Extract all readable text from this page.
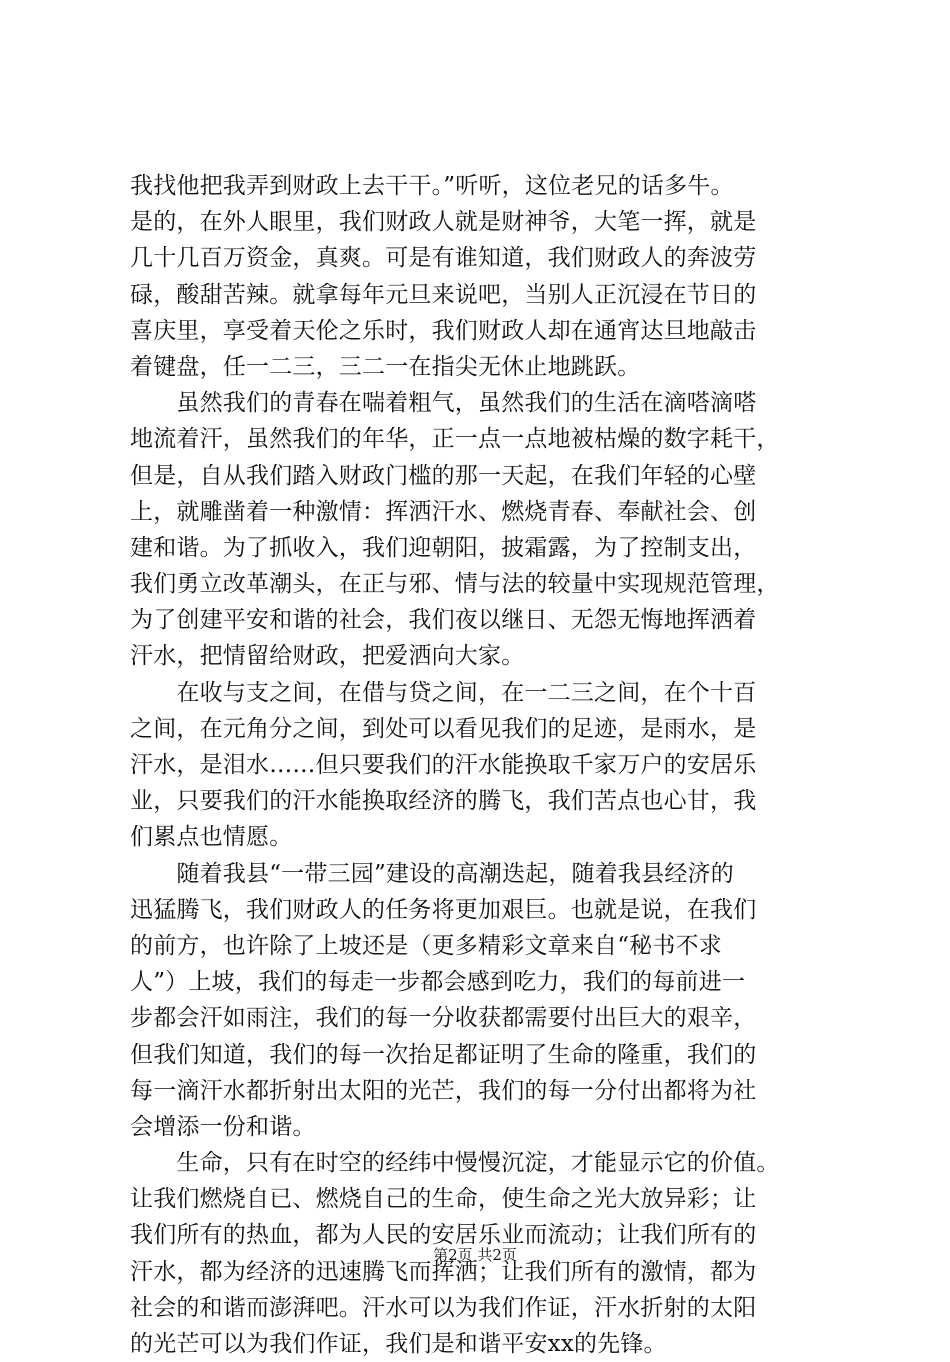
我找他把我弄到财政上去干干。”听听，这位老兄的话多牛。
是的，在外人眼里，我们财政人就是财神爷，大笔一挥，就是
几十几百万资金，真爽。可是有谁知道，我们财政人的奔波劳
碌，酸甜苦辣。就拿每年元旦来说吧，当别人正沉浸在节日的
喜庆里，享受着天伦之乐时，我们财政人却在通宵达旦地敲击
着键盘，任一二三，三二一在指尖无休止地跳跃。
　　虽然我们的青春在喘着粗气，虽然我们的生活在滴嗒滴嗒
地流着汗，虽然我们的年华，正一点一点地被枯燥的数字耗干，
但是，自从我们踏入财政门槛的那一天起，在我们年轻的心壁
上，就雕凿着一种激情：挥洒汗水、燃烧青春、奉献社会、创
建和谐。为了抓收入，我们迎朝阳，披霜露，为了控制支出，
我们勇立改革潮头，在正与邪、情与法的较量中实现规范管理，
为了创建平安和谐的社会，我们夜以继日、无怨无悔地挥洒着
汗水，把情留给财政，把爱洒向大家。
　　在收与支之间，在借与贷之间，在一二三之间，在个十百
之间，在元角分之间，到处可以看见我们的足迹，是雨水，是
汗水，是泪水……但只要我们的汗水能换取千家万户的安居乐
业，只要我们的汗水能换取经济的腾飞，我们苦点也心甘，我
们累点也情愿。
　　随着我县“一带三园”建设的高潮迭起，随着我县经济的
迅猛腾飞，我们财政人的任务将更加艰巨。也就是说，在我们
的前方，也许除了上坡还是（更多精彩文章来自“秘书不求
人”）上坡，我们的每走一步都会感到吃力，我们的每前进一
步都会汗如雨注，我们的每一分收获都需要付出巨大的艰辛，
但我们知道，我们的每一次抬足都证明了生命的隆重，我们的
每一滴汗水都折射出太阳的光芒，我们的每一分付出都将为社
会增添一份和谐。
　　生命，只有在时空的经纬中慢慢沉淀，才能显示它的价值。
让我们燃烧自已、燃烧自己的生命，使生命之光大放异彩；让
我们所有的热血，都为人民的安居乐业而流动；让我们所有的
汗水，都为经济的迅速腾飞而挥洒；让我们所有的激情，都为
社会的和谐而澎湃吧。汗水可以为我们作证，汗水折射的太阳
的光芒可以为我们作证，我们是和谐平安xx的先锋。
第2页 共2页
